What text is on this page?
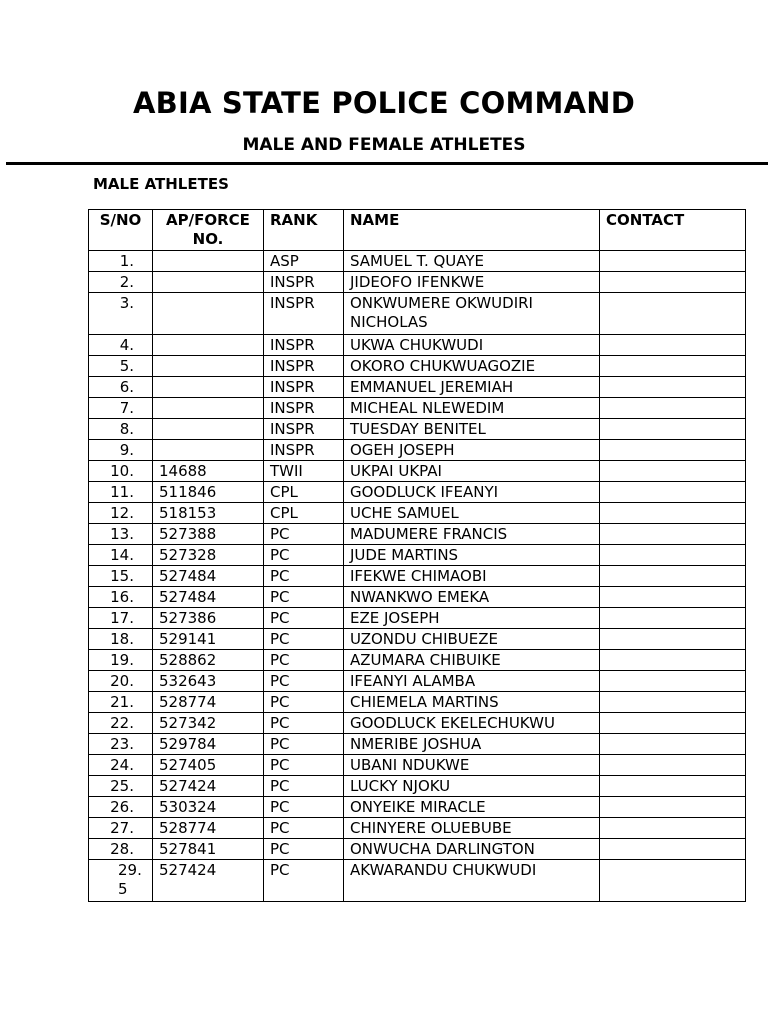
ABIA STATE POLICE COMMAND
MALE AND FEMALE ATHLETES
MALE ATHLETES
S/NO	AP/FORCE NO.	RANK	NAME	CONTACT
1.		ASP	SAMUEL T. QUAYE	
2.		INSPR	JIDEOFO IFENKWE	
3.		INSPR	ONKWUMERE OKWUDIRI NICHOLAS	
4.		INSPR	UKWA CHUKWUDI	
5.		INSPR	OKORO CHUKWUAGOZIE	
6.		INSPR	EMMANUEL JEREMIAH	
7.		INSPR	MICHEAL NLEWEDIM	
8.		INSPR	TUESDAY BENITEL	
9.		INSPR	OGEH JOSEPH	
10.	14688	TWII	UKPAI UKPAI	
11.	511846	CPL	GOODLUCK IFEANYI	
12.	518153	CPL	UCHE SAMUEL	
13.	527388	PC	MADUMERE FRANCIS	
14.	527328	PC	JUDE MARTINS	
15.	527484	PC	IFEKWE CHIMAOBI	
16.	527484	PC	NWANKWO EMEKA	
17.	527386	PC	EZE JOSEPH	
18.	529141	PC	UZONDU CHIBUEZE	
19.	528862	PC	AZUMARA CHIBUIKE	
20.	532643	PC	IFEANYI ALAMBA	
21.	528774	PC	CHIEMELA MARTINS	
22.	527342	PC	GOODLUCK EKELECHUKWU	
23.	529784	PC	NMERIBE JOSHUA	
24.	527405	PC	UBANI NDUKWE	
25.	527424	PC	LUCKY NJOKU	
26.	530324	PC	ONYEIKE MIRACLE	
27.	528774	PC	CHINYERE OLUEBUBE	
28.	527841	PC	ONWUCHA DARLINGTON	
29. 5	527424	PC	AKWARANDU CHUKWUDI	
